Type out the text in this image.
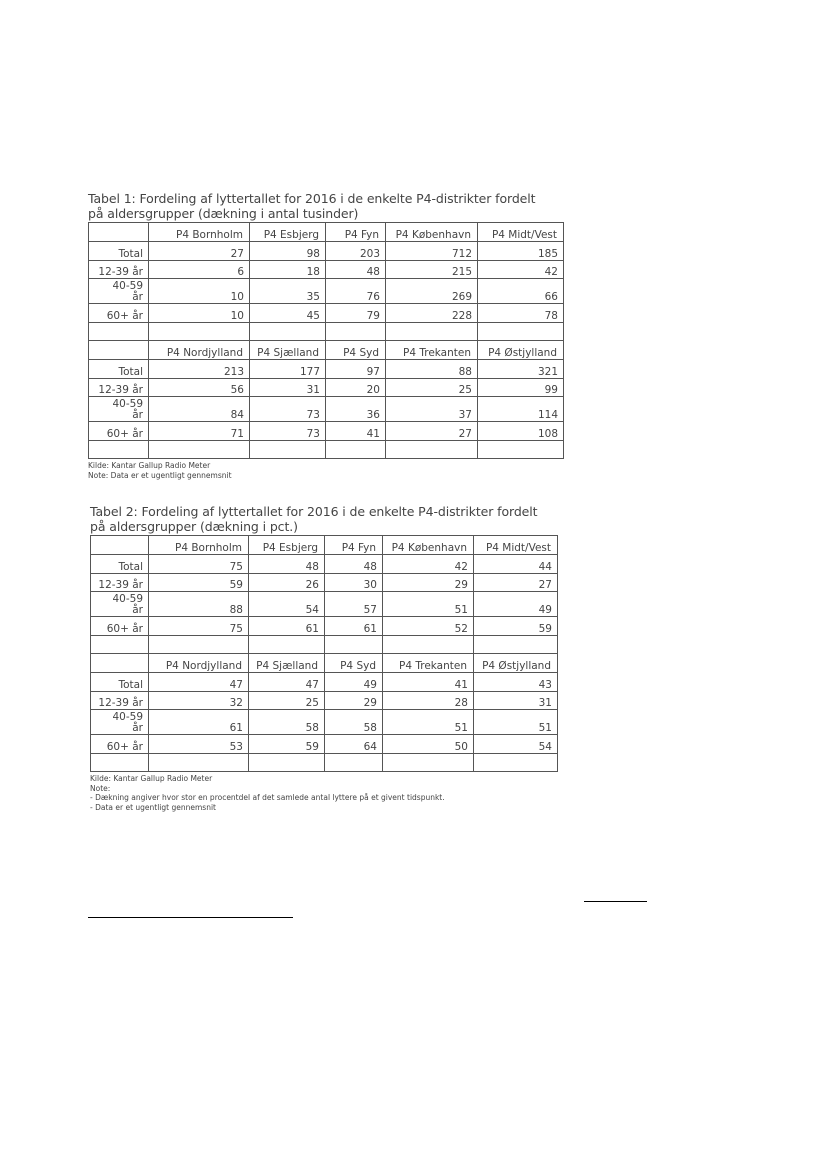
Tabel 1: Fordeling af lyttertallet for 2016 i de enkelte P4-distrikter fordelt
på aldersgrupper (dækning i antal tusinder)
	P4 Bornholm	P4 Esbjerg	P4 Fyn	P4 København	P4 Midt/Vest
Total	27	98	203	712	185
12-39 år	6	18	48	215	42

40-59
år	10	35	76	269	66
60+ år	10	45	79	228	78

	P4 Nordjylland	P4 Sjælland	P4 Syd	P4 Trekanten	P4 Østjylland
Total	213	177	97	88	321
12-39 år	56	31	20	25	99

40-59
år	84	73	36	37	114
60+ år	71	73	41	27	108

Kilde: Kantar Gallup Radio Meter
Note: Data er et ugentligt gennemsnit
Tabel 2: Fordeling af lyttertallet for 2016 i de enkelte P4-distrikter fordelt
på aldersgrupper (dækning i pct.)
	P4 Bornholm	P4 Esbjerg	P4 Fyn	P4 København	P4 Midt/Vest
Total	75	48	48	42	44
12-39 år	59	26	30	29	27

40-59
år	88	54	57	51	49
60+ år	75	61	61	52	59

	P4 Nordjylland	P4 Sjælland	P4 Syd	P4 Trekanten	P4 Østjylland
Total	47	47	49	41	43
12-39 år	32	25	29	28	31

40-59
år	61	58	58	51	51
60+ år	53	59	64	50	54

Kilde: Kantar Gallup Radio Meter
Note:
- Dækning angiver hvor stor en procentdel af det samlede antal lyttere på et givent tidspunkt.
- Data er et ugentligt gennemsnit
